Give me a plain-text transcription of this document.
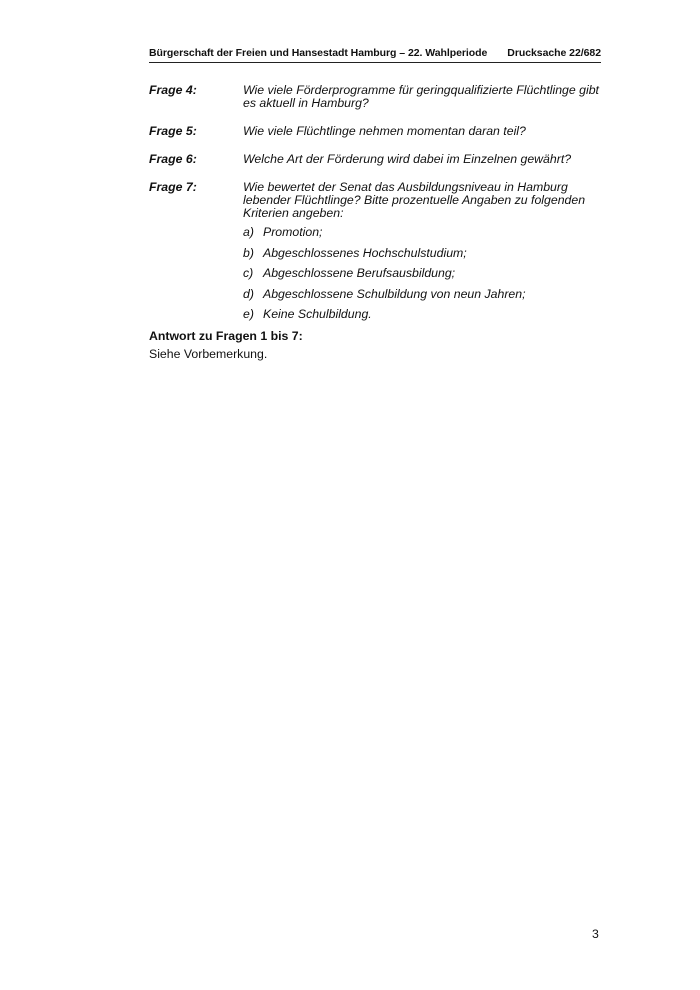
Bürgerschaft der Freien und Hansestadt Hamburg – 22. Wahlperiode Drucksache 22/682
Frage 4:	Wie viele Förderprogramme für geringqualifizierte Flüchtlinge gibt es aktuell in Hamburg?
Frage 5:	Wie viele Flüchtlinge nehmen momentan daran teil?
Frage 6:	Welche Art der Förderung wird dabei im Einzelnen gewährt?
Frage 7:	Wie bewertet der Senat das Ausbildungsniveau in Hamburg lebender Flüchtlinge? Bitte prozentuelle Angaben zu folgenden Kriterien angeben:
a) Promotion;
b) Abgeschlossenes Hochschulstudium;
c) Abgeschlossene Berufsausbildung;
d) Abgeschlossene Schulbildung von neun Jahren;
e) Keine Schulbildung.
Antwort zu Fragen 1 bis 7:
Siehe Vorbemerkung.
3
